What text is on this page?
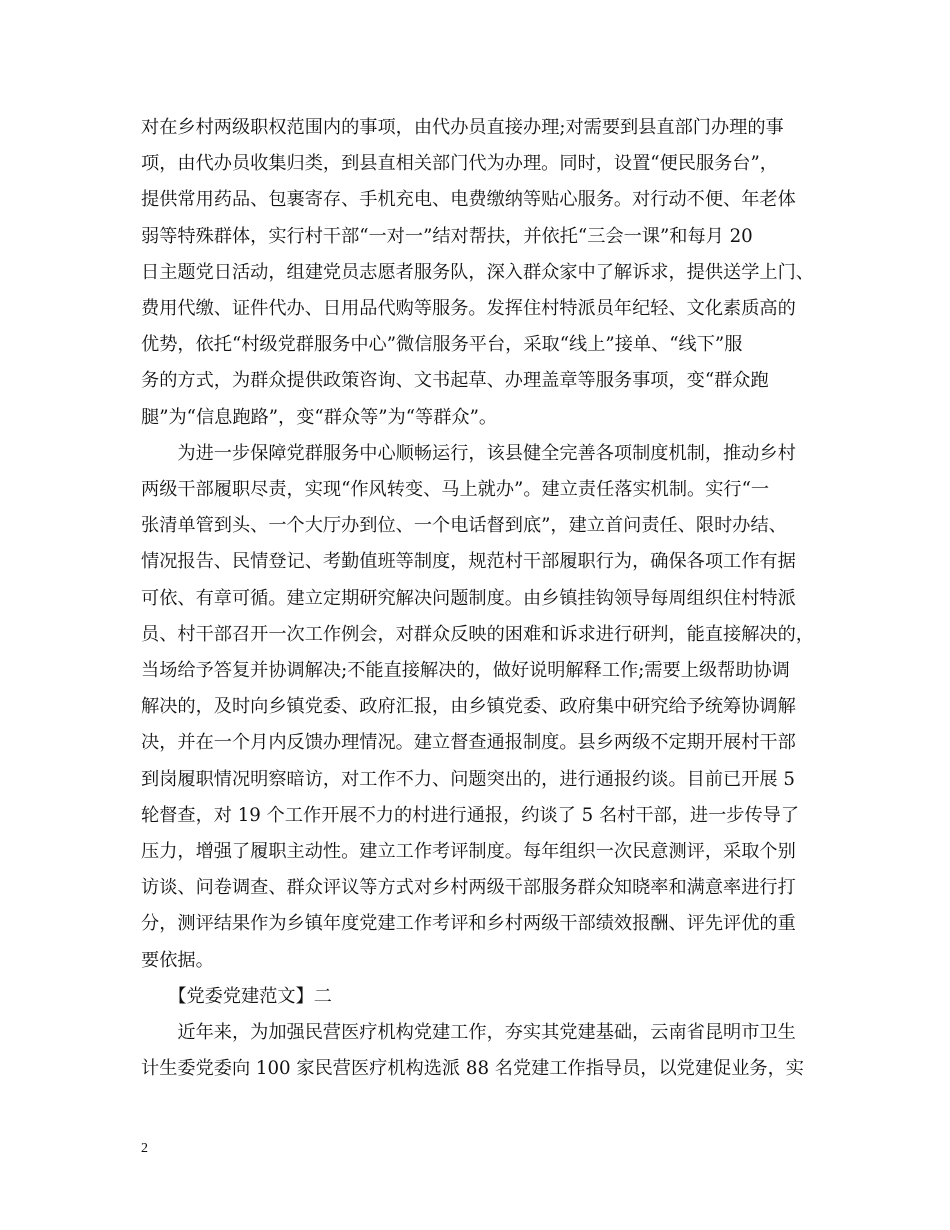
对在乡村两级职权范围内的事项，由代办员直接办理;对需要到县直部门办理的事
项，由代办员收集归类，到县直相关部门代为办理。同时，设置“便民服务台”，
提供常用药品、包裹寄存、手机充电、电费缴纳等贴心服务。对行动不便、年老体
弱等特殊群体，实行村干部“一对一”结对帮扶，并依托“三会一课”和每月 20
日主题党日活动，组建党员志愿者服务队，深入群众家中了解诉求，提供送学上门、
费用代缴、证件代办、日用品代购等服务。发挥住村特派员年纪轻、文化素质高的
优势，依托“村级党群服务中心”微信服务平台，采取“线上”接单、“线下”服
务的方式，为群众提供政策咨询、文书起草、办理盖章等服务事项，变“群众跑
腿”为“信息跑路”，变“群众等”为“等群众”。
　　为进一步保障党群服务中心顺畅运行，该县健全完善各项制度机制，推动乡村
两级干部履职尽责，实现“作风转变、马上就办”。建立责任落实机制。实行“一
张清单管到头、一个大厅办到位、一个电话督到底”，建立首问责任、限时办结、
情况报告、民情登记、考勤值班等制度，规范村干部履职行为，确保各项工作有据
可依、有章可循。建立定期研究解决问题制度。由乡镇挂钩领导每周组织住村特派
员、村干部召开一次工作例会，对群众反映的困难和诉求进行研判，能直接解决的，
当场给予答复并协调解决;不能直接解决的，做好说明解释工作;需要上级帮助协调
解决的，及时向乡镇党委、政府汇报，由乡镇党委、政府集中研究给予统筹协调解
决，并在一个月内反馈办理情况。建立督查通报制度。县乡两级不定期开展村干部
到岗履职情况明察暗访，对工作不力、问题突出的，进行通报约谈。目前已开展 5
轮督查，对 19 个工作开展不力的村进行通报，约谈了 5 名村干部，进一步传导了
压力，增强了履职主动性。建立工作考评制度。每年组织一次民意测评，采取个别
访谈、问卷调查、群众评议等方式对乡村两级干部服务群众知晓率和满意率进行打
分，测评结果作为乡镇年度党建工作考评和乡村两级干部绩效报酬、评先评优的重
要依据。
　　【党委党建范文】二
　　近年来，为加强民营医疗机构党建工作，夯实其党建基础，云南省昆明市卫生
计生委党委向 100 家民营医疗机构选派 88 名党建工作指导员，以党建促业务，实
2
